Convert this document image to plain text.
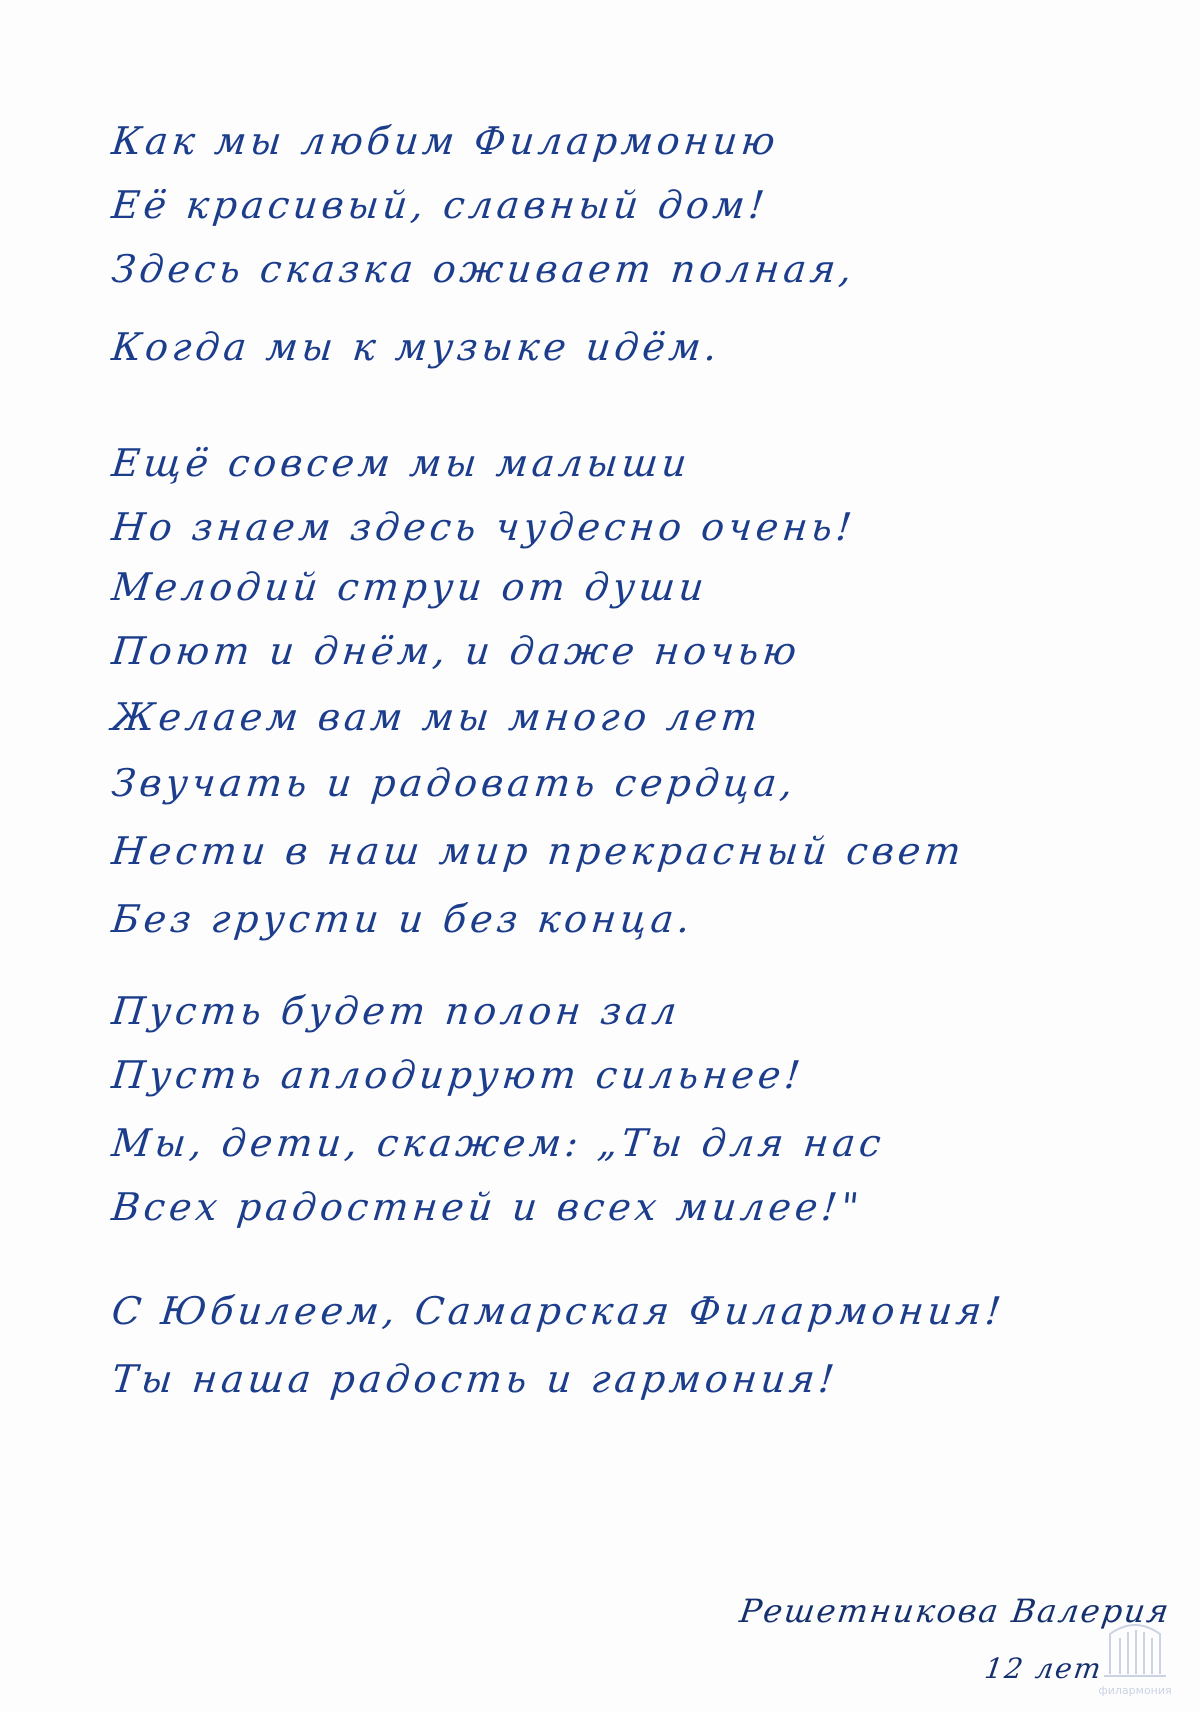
Как мы любим Филармонию
Её красивый, славный дом!
Здесь сказка оживает полная,
Когда мы к музыке идём.
Ещё совсем мы малыши
Но знаем здесь чудесно очень!
Мелодий струи от души
Поют и днём, и даже ночью
Желаем вам мы много лет
Звучать и радовать сердца,
Нести в наш мир прекрасный свет
Без грусти и без конца.
Пусть будет полон зал
Пусть аплодируют сильнее!
Мы, дети, скажем: „Ты для нас
Всех радостней и всех милее!"
С Юбилеем, Самарская Филармония!
Ты наша радость и гармония!
Решетникова Валерия
12 лет
филармония
